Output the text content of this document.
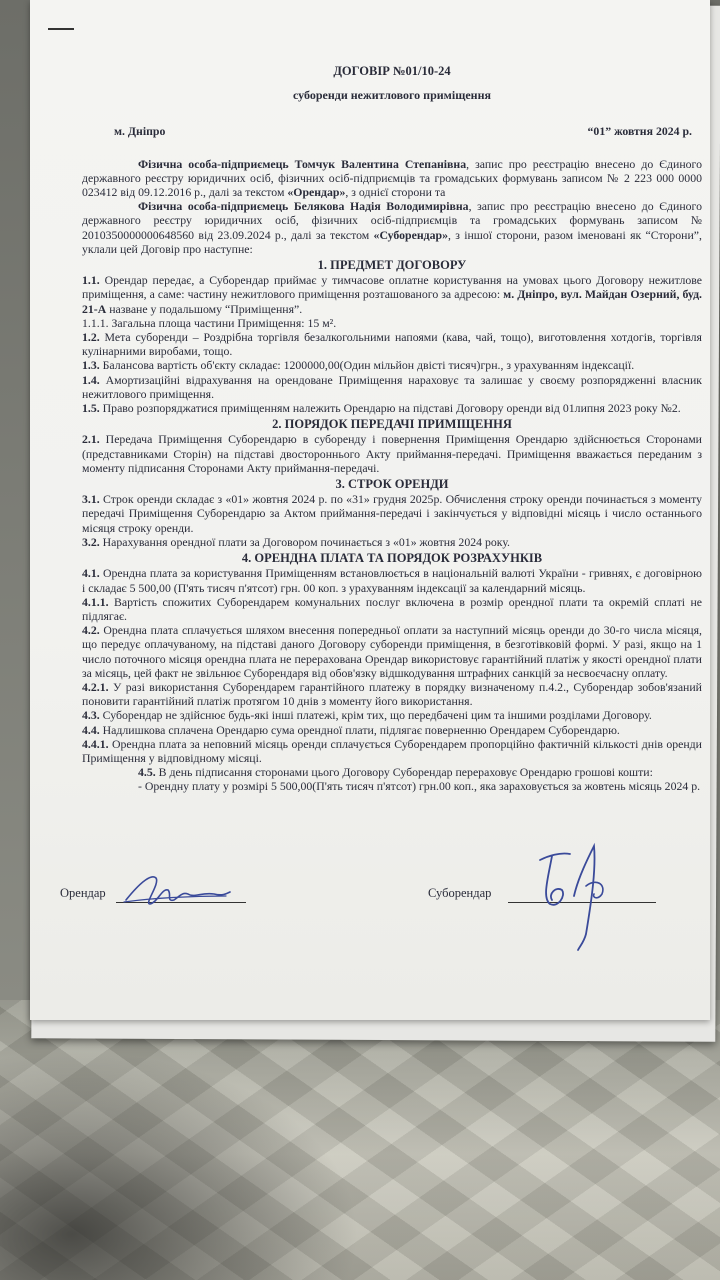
ДОГОВІР №01/10-24

суборенди нежитлового приміщення

м. Дніпро	“01” жовтня 2024 р.

Фізична особа-підприємець Томчук Валентина Степанівна, запис про реєстрацію внесено до Єдиного державного реєстру юридичних осіб, фізичних осіб-підприємців та громадських формувань записом № 2 223 000 0000 023412 від 09.12.2016 р., далі за текстом «Орендар», з однієї сторони та

Фізична особа-підприємець Белякова Надія Володимирівна, запис про реєстрацію внесено до Єдиного державного реєстру юридичних осіб, фізичних осіб-підприємців та громадських формувань записом № 2010350000000648560 від 23.09.2024 р., далі за текстом «Суборендар», з іншої сторони, разом іменовані як “Сторони”, уклали цей Договір про наступне:

1. ПРЕДМЕТ ДОГОВОРУ

1.1. Орендар передає, а Суборендар приймає у тимчасове оплатне користування на умовах цього Договору нежитлове приміщення, а саме: частину нежитлового приміщення розташованого за адресою: м. Дніпро, вул. Майдан Озерний, буд. 21-А назване у подальшому “Приміщення”.

1.1.1. Загальна площа частини Приміщення: 15 м².

1.2. Мета суборенди – Роздрібна торгівля безалкогольними напоями (кава, чай, тощо), виготовлення хотдогів, торгівля кулінарними виробами, тощо.

1.3. Балансова вартість об'єкту складає: 1200000,00(Один мільйон двісті тисяч)грн., з урахуванням індексації.

1.4. Амортизаційні відрахування на орендоване Приміщення нараховує та залишає у своєму розпорядженні власник нежитлового приміщення.

1.5. Право розпоряджатися приміщенням належить Орендарю на підставі Договору оренди від 01липня 2023 року №2.

2. ПОРЯДОК ПЕРЕДАЧІ ПРИМІЩЕННЯ

2.1. Передача Приміщення Суборендарю в суборенду і повернення Приміщення Орендарю здійснюється Сторонами (представниками Сторін) на підставі двостороннього Акту приймання-передачі. Приміщення вважається переданим з моменту підписання Сторонами Акту приймання-передачі.

3. СТРОК ОРЕНДИ

3.1. Строк оренди складає з «01» жовтня 2024 р. по «31» грудня 2025р. Обчислення строку оренди починається з моменту передачі Приміщення Суборендарю за Актом приймання-передачі і закінчується у відповідні місяць і число останнього місяця строку оренди.

3.2. Нарахування орендної плати за Договором починається з «01» жовтня 2024 року.

4. ОРЕНДНА ПЛАТА ТА ПОРЯДОК РОЗРАХУНКІВ

4.1. Орендна плата за користування Приміщенням встановлюється в національній валюті України - гривнях, є договірною і складає 5 500,00 (П'ять тисяч п'ятсот) грн. 00 коп. з урахуванням індексації за календарний місяць.

4.1.1. Вартість спожитих Суборендарем комунальних послуг включена в розмір орендної плати та окремій сплаті не підлягає.

4.2. Орендна плата сплачується шляхом внесення попередньої оплати за наступний місяць оренди до 30-го числа місяця, що передує оплачуваному, на підставі даного Договору суборенди приміщення, в безготівковій формі. У разі, якщо на 1 число поточного місяця орендна плата не перерахована Орендар використовує гарантійний платіж у якості орендної плати за місяць, цей факт не звільнює Суборендаря від обов'язку відшкодування штрафних санкцій за несвоєчасну оплату.

4.2.1. У разі використання Суборендарем гарантійного платежу в порядку визначеному п.4.2., Суборендар зобов'язаний поновити гарантійний платіж протягом 10 днів з моменту його використання.

4.3. Суборендар не здійснює будь-які інші платежі, крім тих, що передбачені цим та іншими розділами Договору.

4.4. Надлишкова сплачена Орендарю сума орендної плати, підлягає поверненню Орендарем Суборендарю.

4.4.1. Орендна плата за неповний місяць оренди сплачується Суборендарем пропорційно фактичній кількості днів оренди Приміщення у відповідному місяці.

4.5. В день підписання сторонами цього Договору Суборендар перераховує Орендарю грошові кошти:

- Орендну плату у розмірі 5 500,00(П'ять тисяч п'ятсот) грн.00 коп., яка зараховується за жовтень місяць 2024 р.

Орендар	Суборендар
